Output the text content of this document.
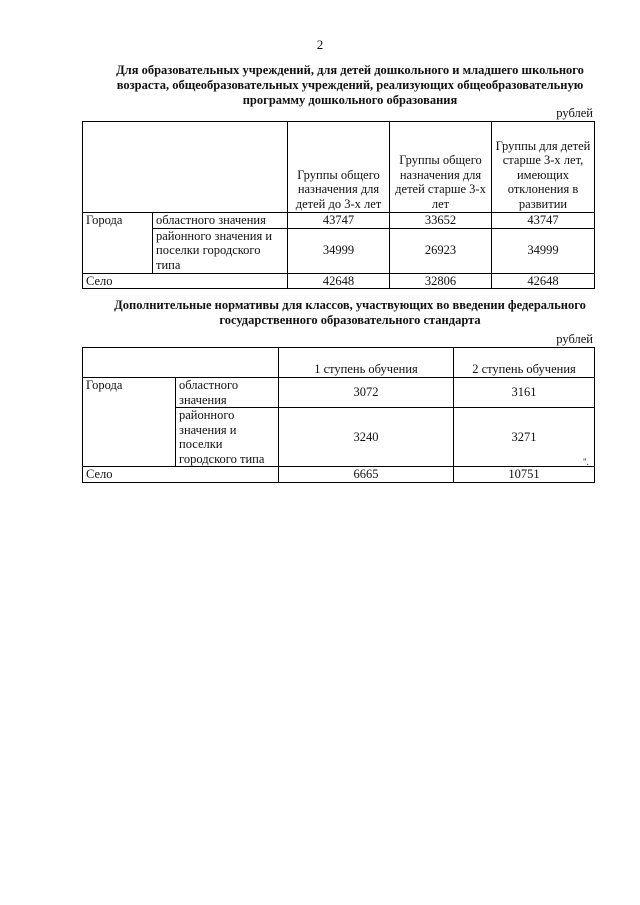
2
Для образовательных учреждений, для детей дошкольного и младшего школьного
возраста, общеобразовательных учреждений, реализующих общеобразовательную
программу дошкольного образования
рублей
		Группы общего назначения для детей до 3-х лет	Группы общего назначения для детей старше 3-х лет	Группы для детей старше 3-х лет, имеющих отклонения в развитии
Города	областного значения	43747	33652	43747
	районного значения и поселки городского типа	34999	26923	34999
Село		42648	32806	42648
Дополнительные нормативы для классов, участвующих во введении федерального
государственного образовательного стандарта
рублей
		1 ступень обучения	2 ступень обучения
Города	областного значения	3072	3161
	районного значения и поселки городского типа	3240	3271
Село		6665	10751
".
